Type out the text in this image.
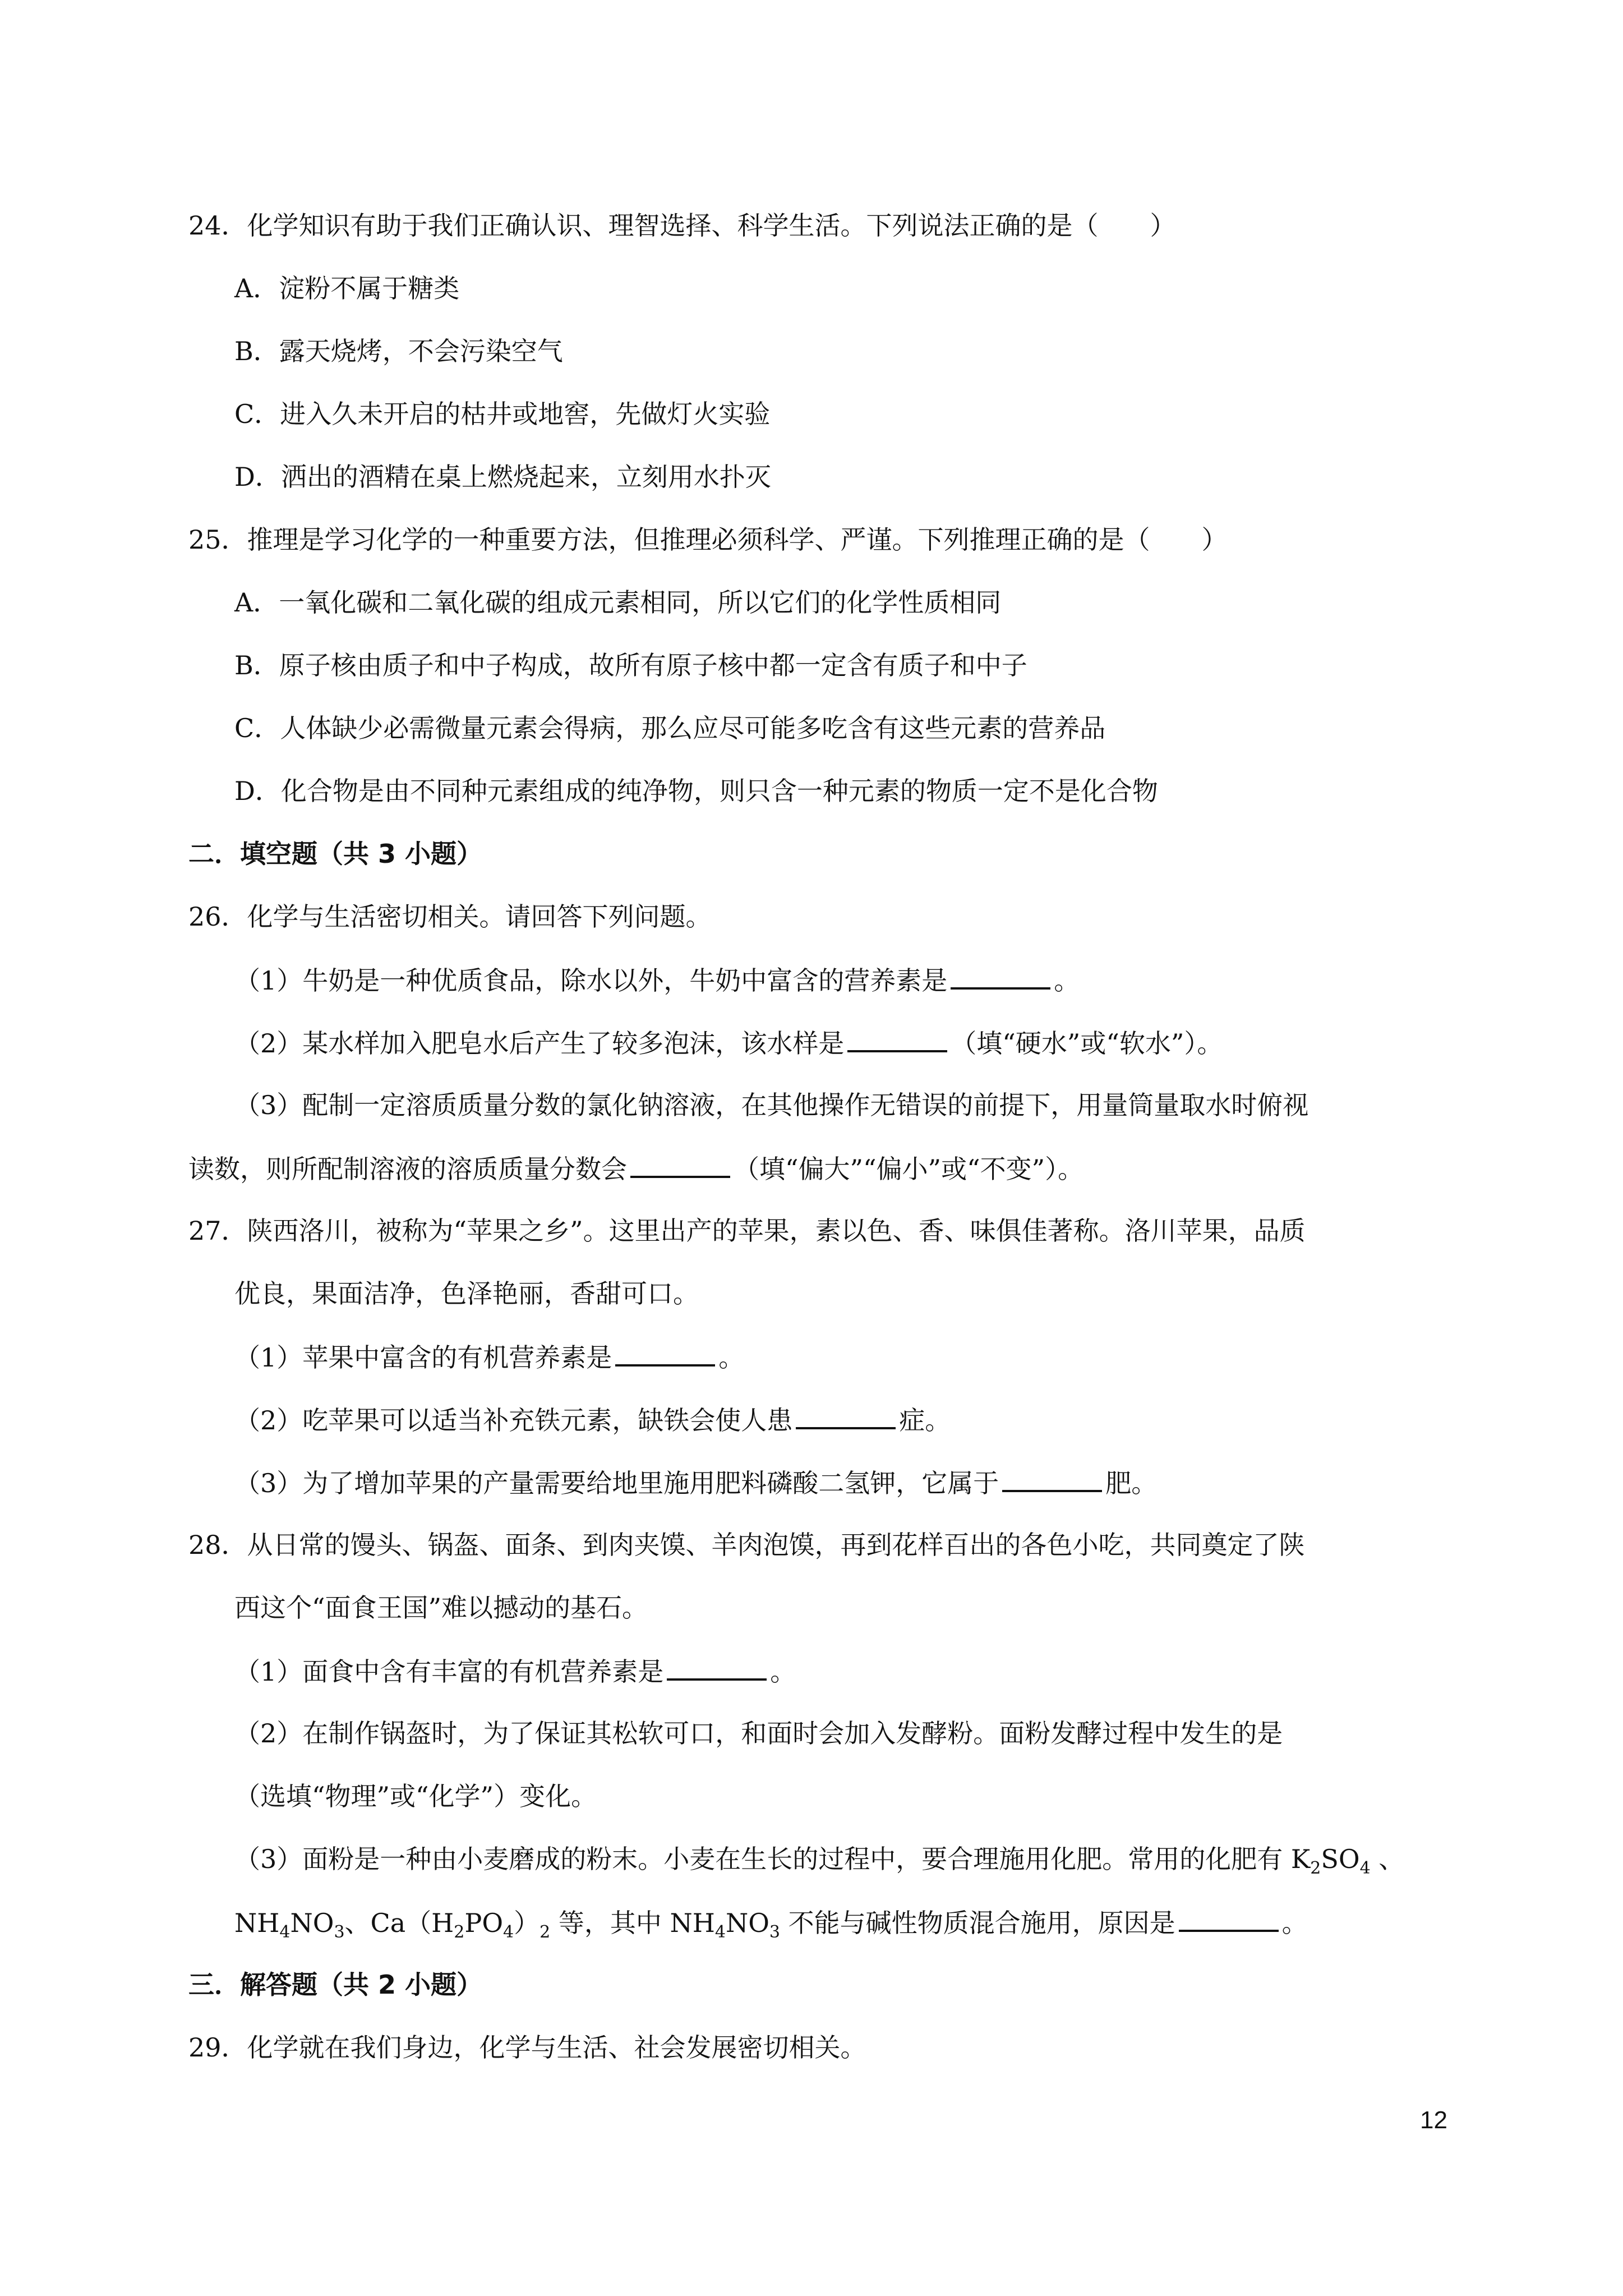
24．化学知识有助于我们正确认识、理智选择、科学生活。下列说法正确的是（　　）
A．淀粉不属于糖类
B．露天烧烤，不会污染空气
C．进入久未开启的枯井或地窖，先做灯火实验
D．洒出的酒精在桌上燃烧起来，立刻用水扑灭
25．推理是学习化学的一种重要方法，但推理必须科学、严谨。下列推理正确的是（　　）
A．一氧化碳和二氧化碳的组成元素相同，所以它们的化学性质相同
B．原子核由质子和中子构成，故所有原子核中都一定含有质子和中子
C．人体缺少必需微量元素会得病，那么应尽可能多吃含有这些元素的营养品
D．化合物是由不同种元素组成的纯净物，则只含一种元素的物质一定不是化合物
二．填空题（共 3 小题）
26．化学与生活密切相关。请回答下列问题。
（1）牛奶是一种优质食品，除水以外，牛奶中富含的营养素是	。
（2）某水样加入肥皂水后产生了较多泡沫，该水样是	（填“硬水”或“软水”）。
（3）配制一定溶质质量分数的氯化钠溶液，在其他操作无错误的前提下，用量筒量取水时俯视
读数，则所配制溶液的溶质质量分数会	（填“偏大”“偏小”或“不变”）。
27．陕西洛川，被称为“苹果之乡”。这里出产的苹果，素以色、香、味俱佳著称。洛川苹果，品质
优良，果面洁净，色泽艳丽，香甜可口。
（1）苹果中富含的有机营养素是	。
（2）吃苹果可以适当补充铁元素，缺铁会使人患	症。
（3）为了增加苹果的产量需要给地里施用肥料磷酸二氢钾，它属于	肥。
28．从日常的馒头、锅盔、面条、到肉夹馍、羊肉泡馍，再到花样百出的各色小吃，共同奠定了陕
西这个“面食王国”难以撼动的基石。
（1）面食中含有丰富的有机营养素是	。
（2）在制作锅盔时，为了保证其松软可口，和面时会加入发酵粉。面粉发酵过程中发生的是
（选填“物理”或“化学”）变化。
（3）面粉是一种由小麦磨成的粉末。小麦在生长的过程中，要合理施用化肥。常用的化肥有 $K_2SO_4$ 、
$NH_4NO_3$、$Ca(H_2PO_4)_2$ 等，其中 $NH_4NO_3$ 不能与碱性物质混合施用，原因是	。
三．解答题（共 2 小题）
29．化学就在我们身边，化学与生活、社会发展密切相关。
12
